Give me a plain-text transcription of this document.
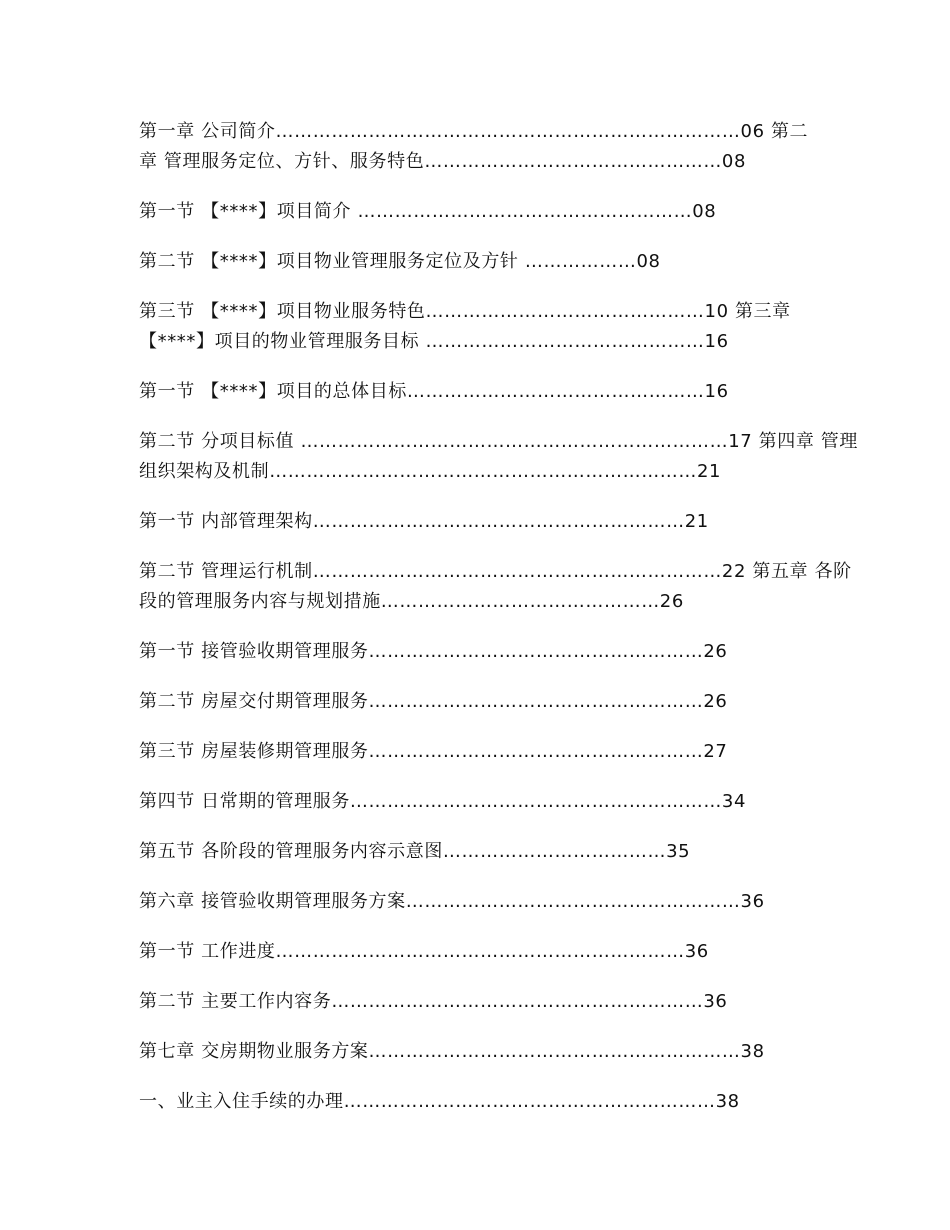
第一章 公司简介…………………………………………………………………06 第二
章 管理服务定位、方针、服务特色…………………………………………08
第一节 【****】项目简介 ………………………………………………08
第二节 【****】项目物业管理服务定位及方针 ………………08
第三节 【****】项目物业服务特色………………………………………10 第三章
【****】项目的物业管理服务目标 ………………………………………16
第一节 【****】项目的总体目标…………………………………………16
第二节 分项目标值 ……………………………………………………………17 第四章 管理
组织架构及机制……………………………………………………………21
第一节 内部管理架构……………………………………………………21
第二节 管理运行机制…………………………………………………………22 第五章 各阶
段的管理服务内容与规划措施………………………………………26
第一节 接管验收期管理服务………………………………………………26
第二节 房屋交付期管理服务………………………………………………26
第三节 房屋装修期管理服务………………………………………………27
第四节 日常期的管理服务……………………………………………………34
第五节 各阶段的管理服务内容示意图………………………………35
第六章 接管验收期管理服务方案………………………………………………36
第一节 工作进度…………………………………………………………36
第二节 主要工作内容务……………………………………………………36
第七章 交房期物业服务方案……………………………………………………38
一、业主入住手续的办理……………………………………………………38
